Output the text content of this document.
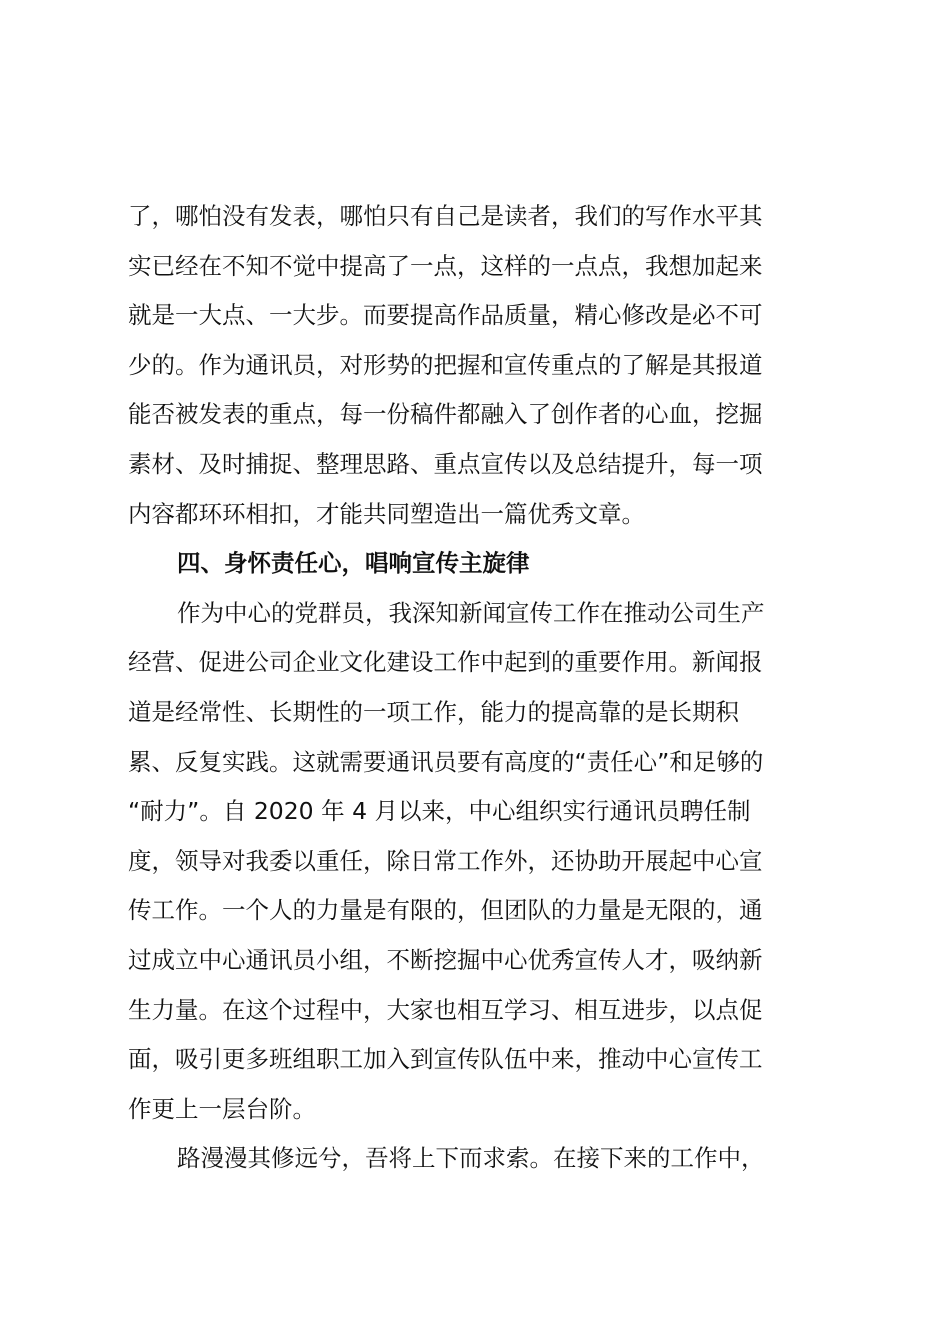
了，哪怕没有发表，哪怕只有自己是读者，我们的写作水平其
实已经在不知不觉中提高了一点，这样的一点点，我想加起来
就是一大点、一大步。而要提高作品质量，精心修改是必不可
少的。作为通讯员，对形势的把握和宣传重点的了解是其报道
能否被发表的重点，每一份稿件都融入了创作者的心血，挖掘
素材、及时捕捉、整理思路、重点宣传以及总结提升，每一项
内容都环环相扣，才能共同塑造出一篇优秀文章。
四、身怀责任心，唱响宣传主旋律
作为中心的党群员，我深知新闻宣传工作在推动公司生产
经营、促进公司企业文化建设工作中起到的重要作用。新闻报
道是经常性、长期性的一项工作，能力的提高靠的是长期积
累、反复实践。这就需要通讯员要有高度的“责任心”和足够的
“耐力”。自 2020 年 4 月以来，中心组织实行通讯员聘任制
度，领导对我委以重任，除日常工作外，还协助开展起中心宣
传工作。一个人的力量是有限的，但团队的力量是无限的，通
过成立中心通讯员小组，不断挖掘中心优秀宣传人才，吸纳新
生力量。在这个过程中，大家也相互学习、相互进步，以点促
面，吸引更多班组职工加入到宣传队伍中来，推动中心宣传工
作更上一层台阶。
路漫漫其修远兮，吾将上下而求索。在接下来的工作中，
